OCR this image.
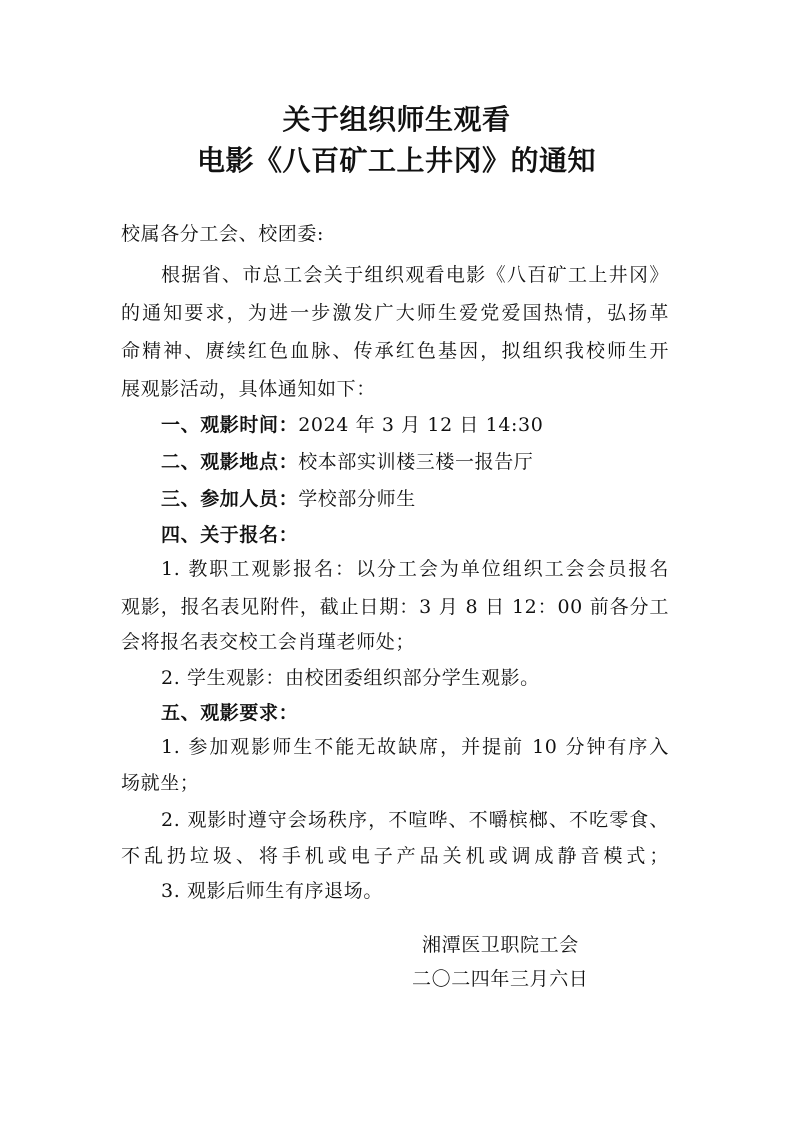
关于组织师生观看
电影《八百矿工上井冈》的通知

校属各分工会、校团委:

根据省、市总工会关于组织观看电影《八百矿工上井冈》

的通知要求，为进一步激发广大师生爱党爱国热情，弘扬革

命精神、赓续红色血脉、传承红色基因，拟组织我校师生开

展观影活动，具体通知如下：

一、观影时间：2024 年 3 月 12 日 14:30

二、观影地点：校本部实训楼三楼一报告厅

三、参加人员：学校部分师生

四、关于报名：

1. 教职工观影报名：以分工会为单位组织工会会员报名

观影，报名表见附件，截止日期：3 月 8 日 12：00 前各分工

会将报名表交校工会肖瑾老师处；

2. 学生观影：由校团委组织部分学生观影。

五、观影要求：

1. 参加观影师生不能无故缺席，并提前 10 分钟有序入

场就坐；

2. 观影时遵守会场秩序，不喧哗、不嚼槟榔、不吃零食、

不乱扔垃圾、将手机或电子产品关机或调成静音模式；

3. 观影后师生有序退场。

湘潭医卫职院工会

二〇二四年三月六日
